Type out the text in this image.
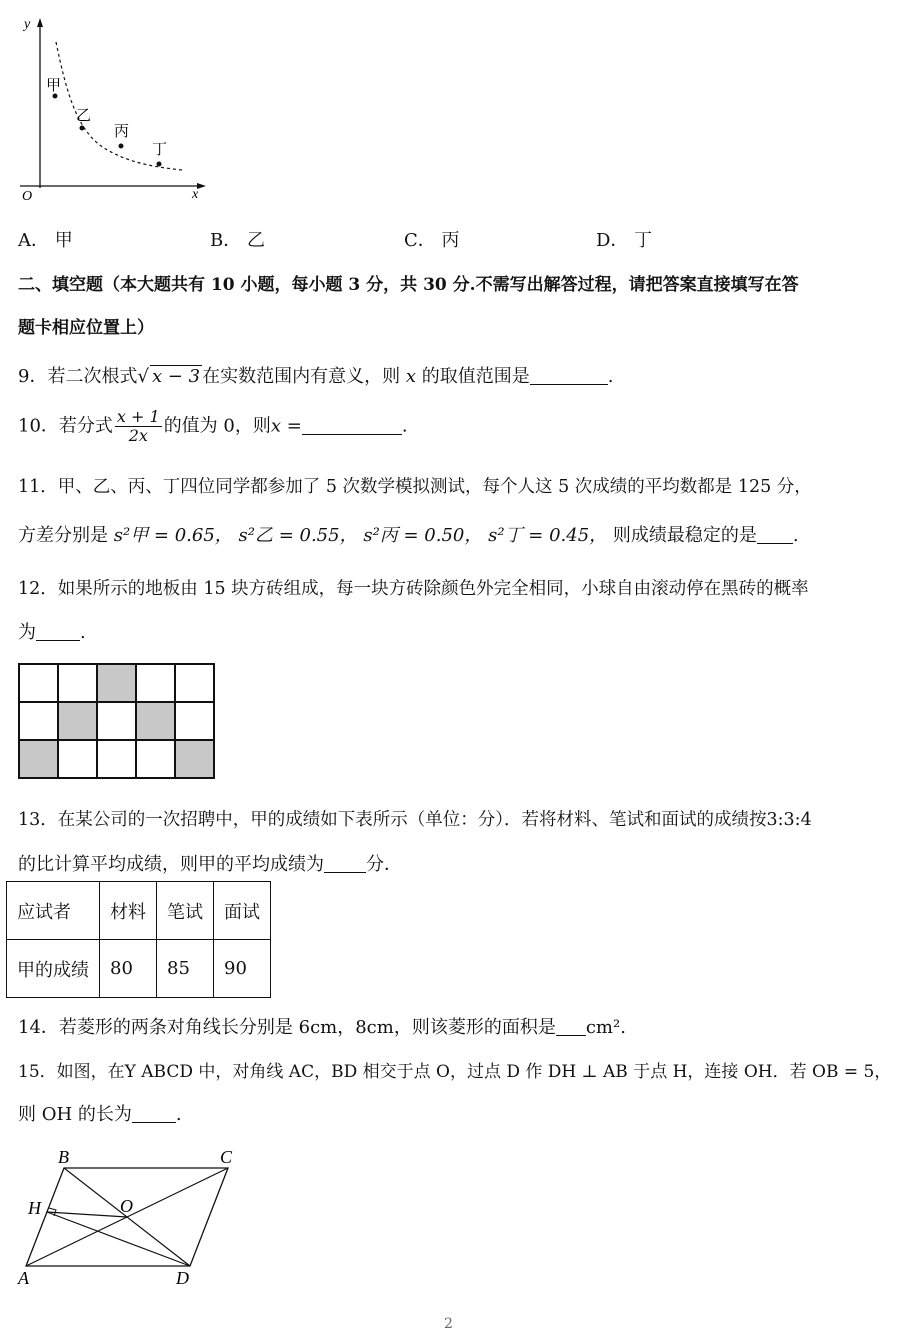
y
x
O
甲
乙
丙
丁
A． 甲	B． 乙	C． 丙	D． 丁
二、填空题（本大题共有 10 小题，每小题 3 分，共 30 分.不需写出解答过程，请把答案直接填写在答
题卡相应位置上）
9．若二次根式√ x − 3 在实数范围内有意义，则 x 的取值范围是	.
10．若分式 $\frac{x + 1}{2x}$ 的值为 0，则x =	.
11．甲、乙、丙、丁四位同学都参加了 5 次数学模拟测试，每个人这 5 次成绩的平均数都是 125 分，
方差分别是 s²甲 = 0.65， s²乙 = 0.55， s²丙 = 0.50， s²丁 = 0.45， 则成绩最稳定的是 .
12．如果所示的地板由 15 块方砖组成，每一块方砖除颜色外完全相同，小球自由滚动停在黑砖的概率
为 .

13．在某公司的一次招聘中，甲的成绩如下表所示（单位：分）．若将材料、笔试和面试的成绩按3:3:4
的比计算平均成绩，则甲的平均成绩为 分．
应试者	材料	笔试	面试
甲的成绩	80	85	90
14．若菱形的两条对角线长分别是 6cm，8cm，则该菱形的面积是 cm².
15．如图，在Y ABCD 中，对角线 AC，BD 相交于点 O，过点 D 作 DH ⊥ AB 于点 H，连接 OH．若 OB = 5，
则 OH 的长为 .
B	C
H	O
A	D
2
